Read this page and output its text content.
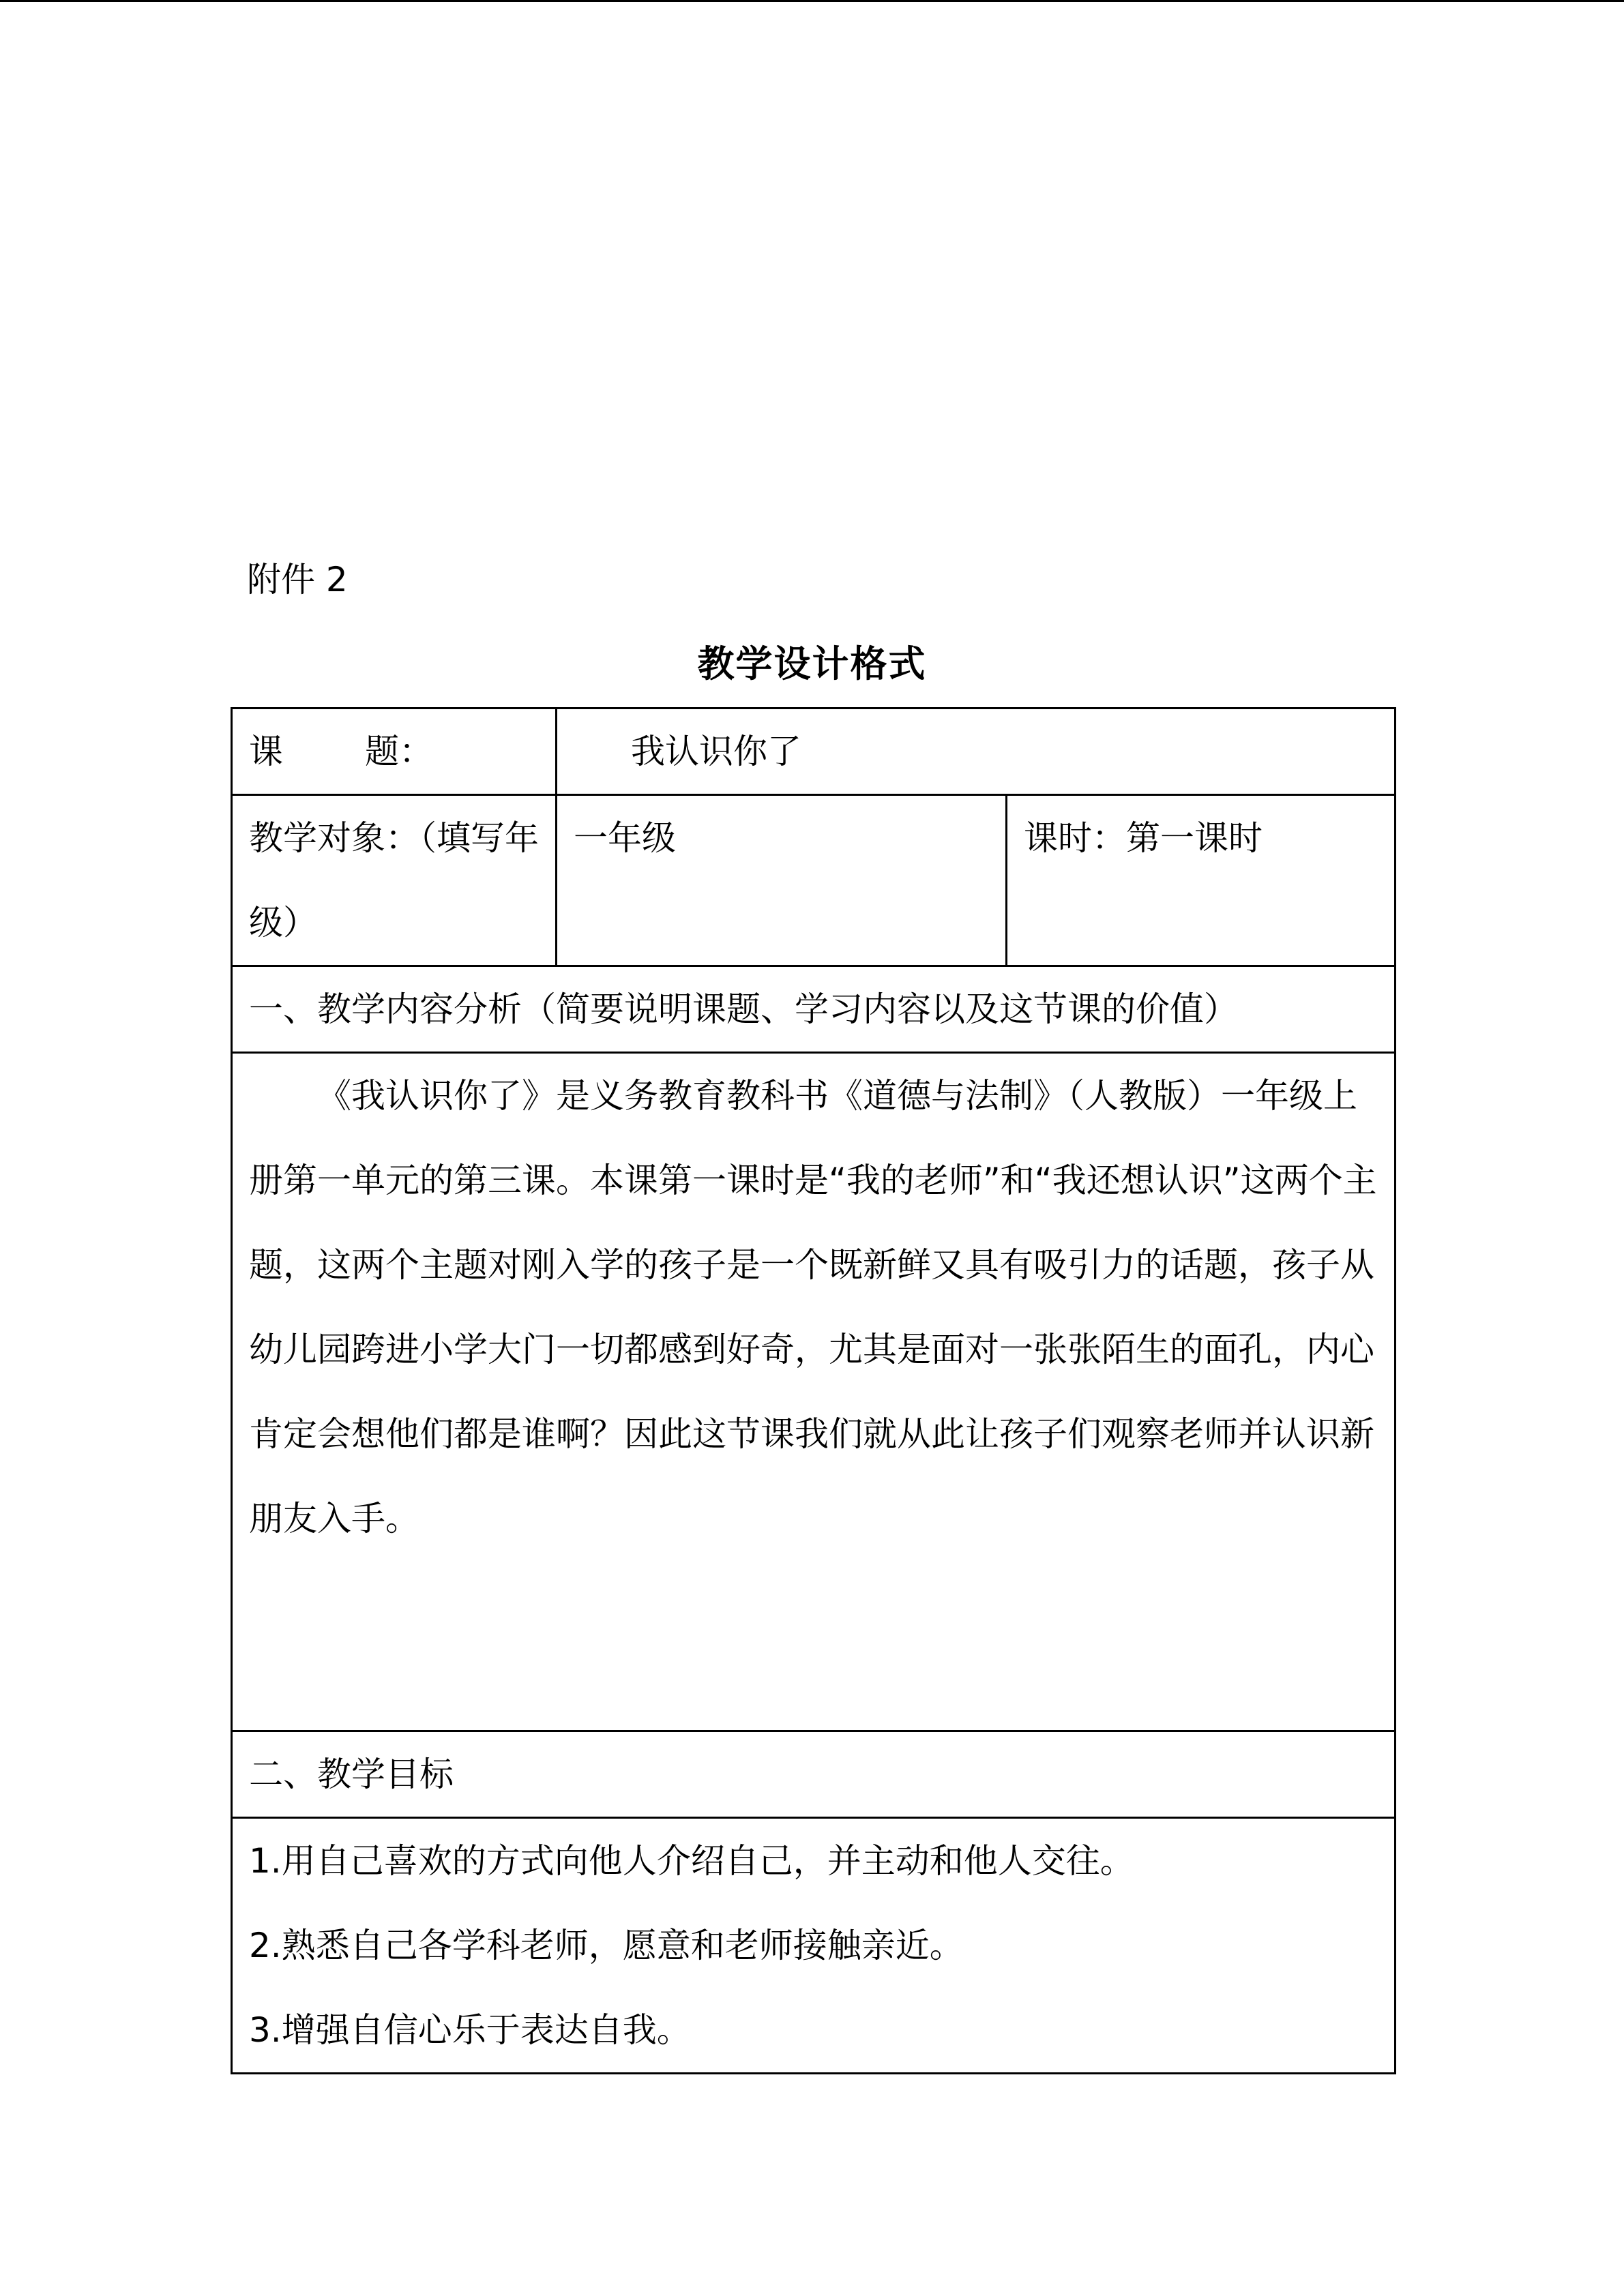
附件 2
教学设计格式
课 题：	我认识你了	
教学对象：（填写年级）	一年级	课时：第一课时
一、教学内容分析（简要说明课题、学习内容以及这节课的价值）		
《我认识你了》是义务教育教科书《道德与法制》（人教版）一年级上册第一单元的第三课。本课第一课时是“我的老师”和“我还想认识”这两个主题，这两个主题对刚入学的孩子是一个既新鲜又具有吸引力的话题，孩子从幼儿园跨进小学大门一切都感到好奇，尤其是面对一张张陌生的面孔，内心肯定会想他们都是谁啊？因此这节课我们就从此让孩子们观察老师并认识新朋友入手。		
二、教学目标		

1.用自己喜欢的方式向他人介绍自己，并主动和他人交往。
2.熟悉自己各学科老师，愿意和老师接触亲近。
3.增强自信心乐于表达自我。		
